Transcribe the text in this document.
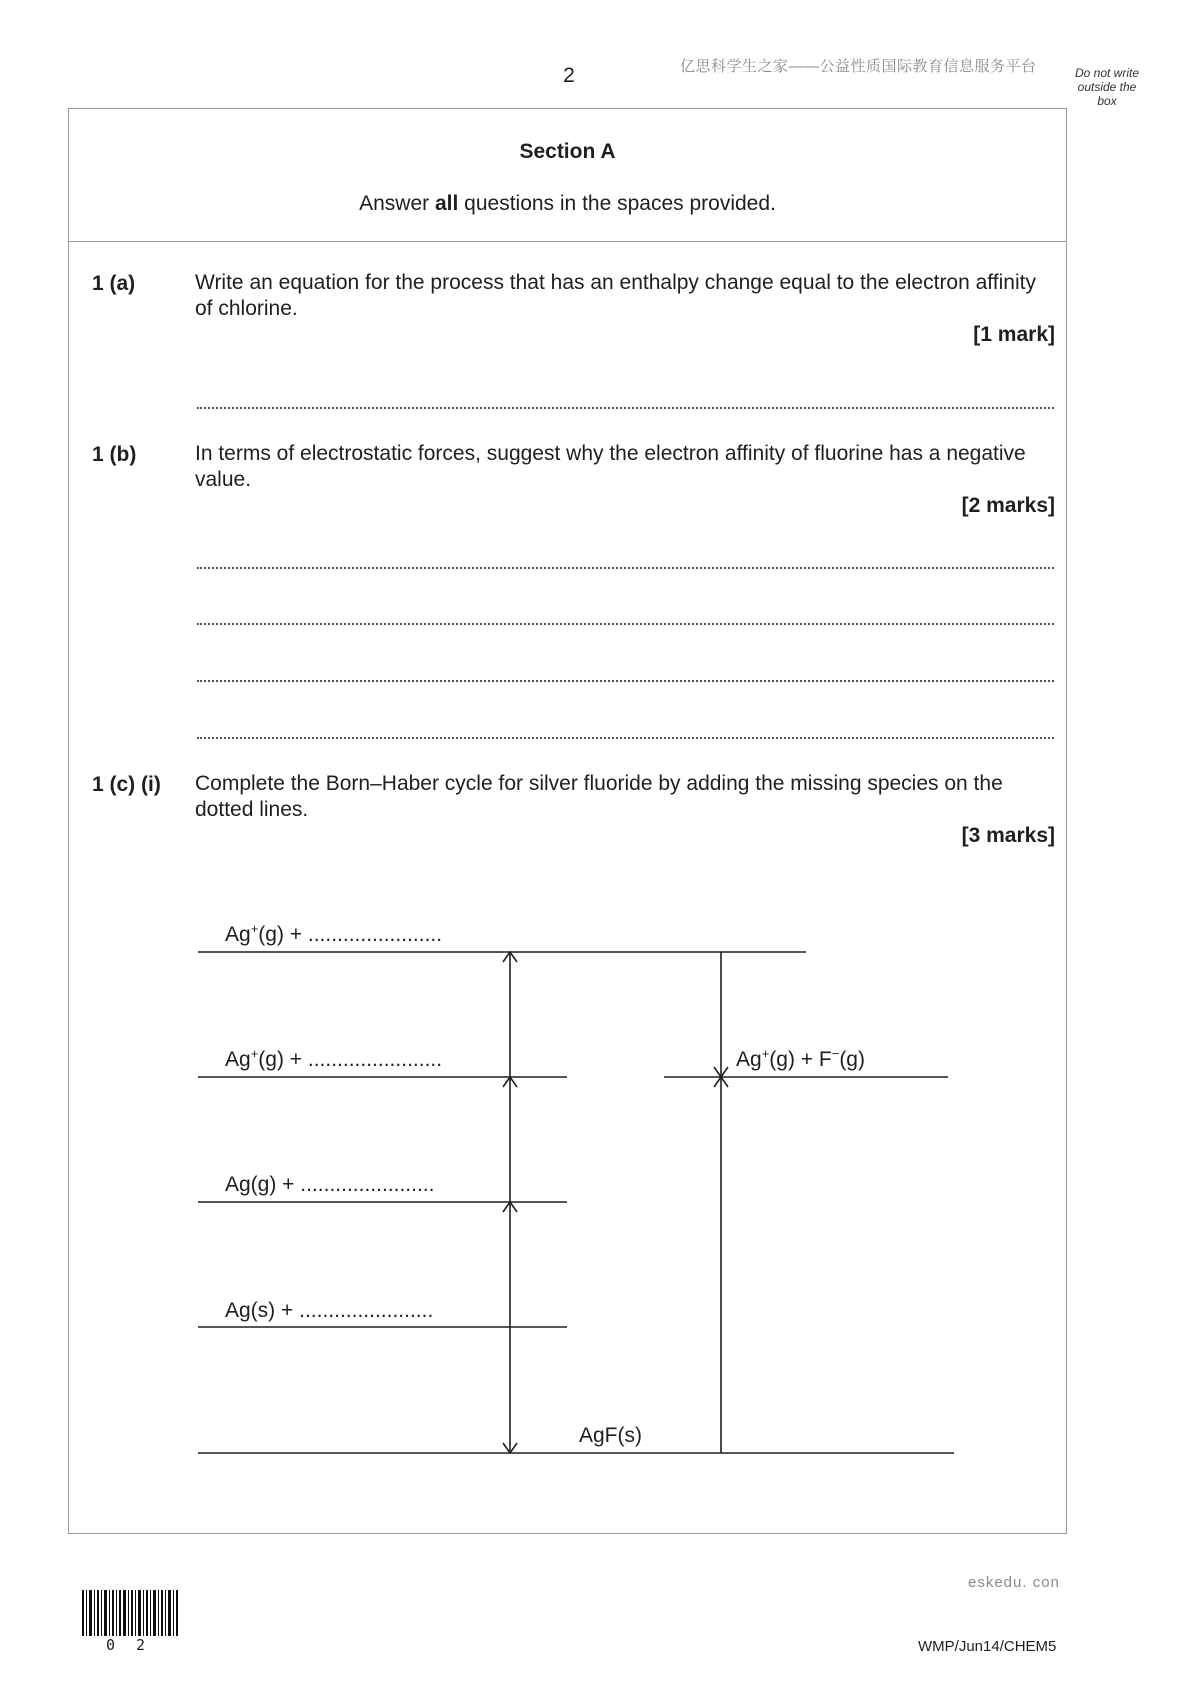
2	亿思科学生之家——公益性质国际教育信息服务平台	Do not write
outside the
box
Section A
Answer all questions in the spaces provided.
1 (a)	Write an equation for the process that has an enthalpy change equal to the electron affinity of chlorine.
[1 mark]
1 (b)	In terms of electrostatic forces, suggest why the electron affinity of fluorine has a negative value.
[2 marks]
1 (c) (i) Complete the Born–Haber cycle for silver fluoride by adding the missing species on the dotted lines.
[3 marks]
Ag+(g) + .......................
Ag+(g) + .......................	Ag+(g) + F−(g)
Ag(g) + .......................
Ag(s) + .......................
AgF(s)
eskedu. con
0 2	WMP/Jun14/CHEM5
